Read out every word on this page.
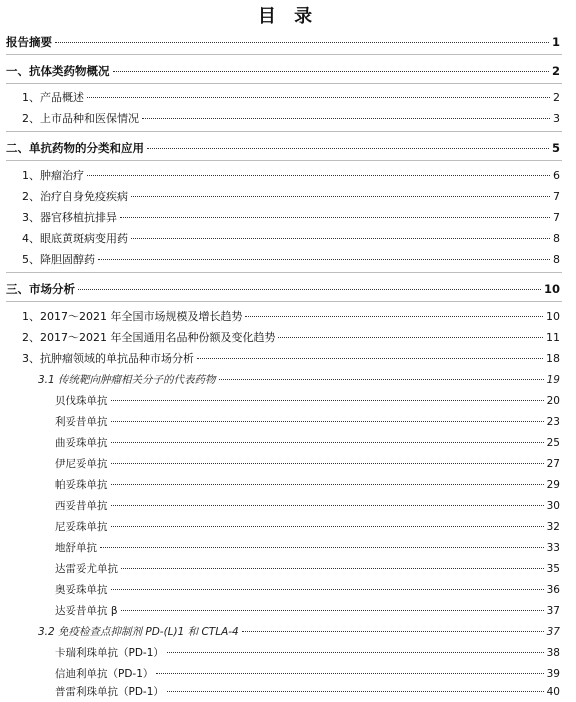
目 录
报告摘要	1
一、抗体类药物概况	2
1、产品概述	2
2、上市品种和医保情况	3
二、单抗药物的分类和应用	5
1、肿瘤治疗	6
2、治疗自身免疫疾病	7
3、器官移植抗排异	7
4、眼底黄斑病变用药	8
5、降胆固醇药	8
三、市场分析	10
1、2017～2021 年全国市场规模及增长趋势	10
2、2017～2021 年全国通用名品种份额及变化趋势	11
3、抗肿瘤领域的单抗品种市场分析	18
3.1 传统靶向肿瘤相关分子的代表药物	19
贝伐珠单抗	20
利妥昔单抗	23
曲妥珠单抗	25
伊尼妥单抗	27
帕妥珠单抗	29
西妥昔单抗	30
尼妥珠单抗	32
地舒单抗	33
达雷妥尤单抗	35
奥妥珠单抗	36
达妥昔单抗 β	37
3.2 免疫检查点抑制剂 PD-(L)1 和 CTLA-4	37
卡瑞利珠单抗（PD-1）	38
信迪利单抗（PD-1）	39
普雷利珠单抗（PD-1）	40
